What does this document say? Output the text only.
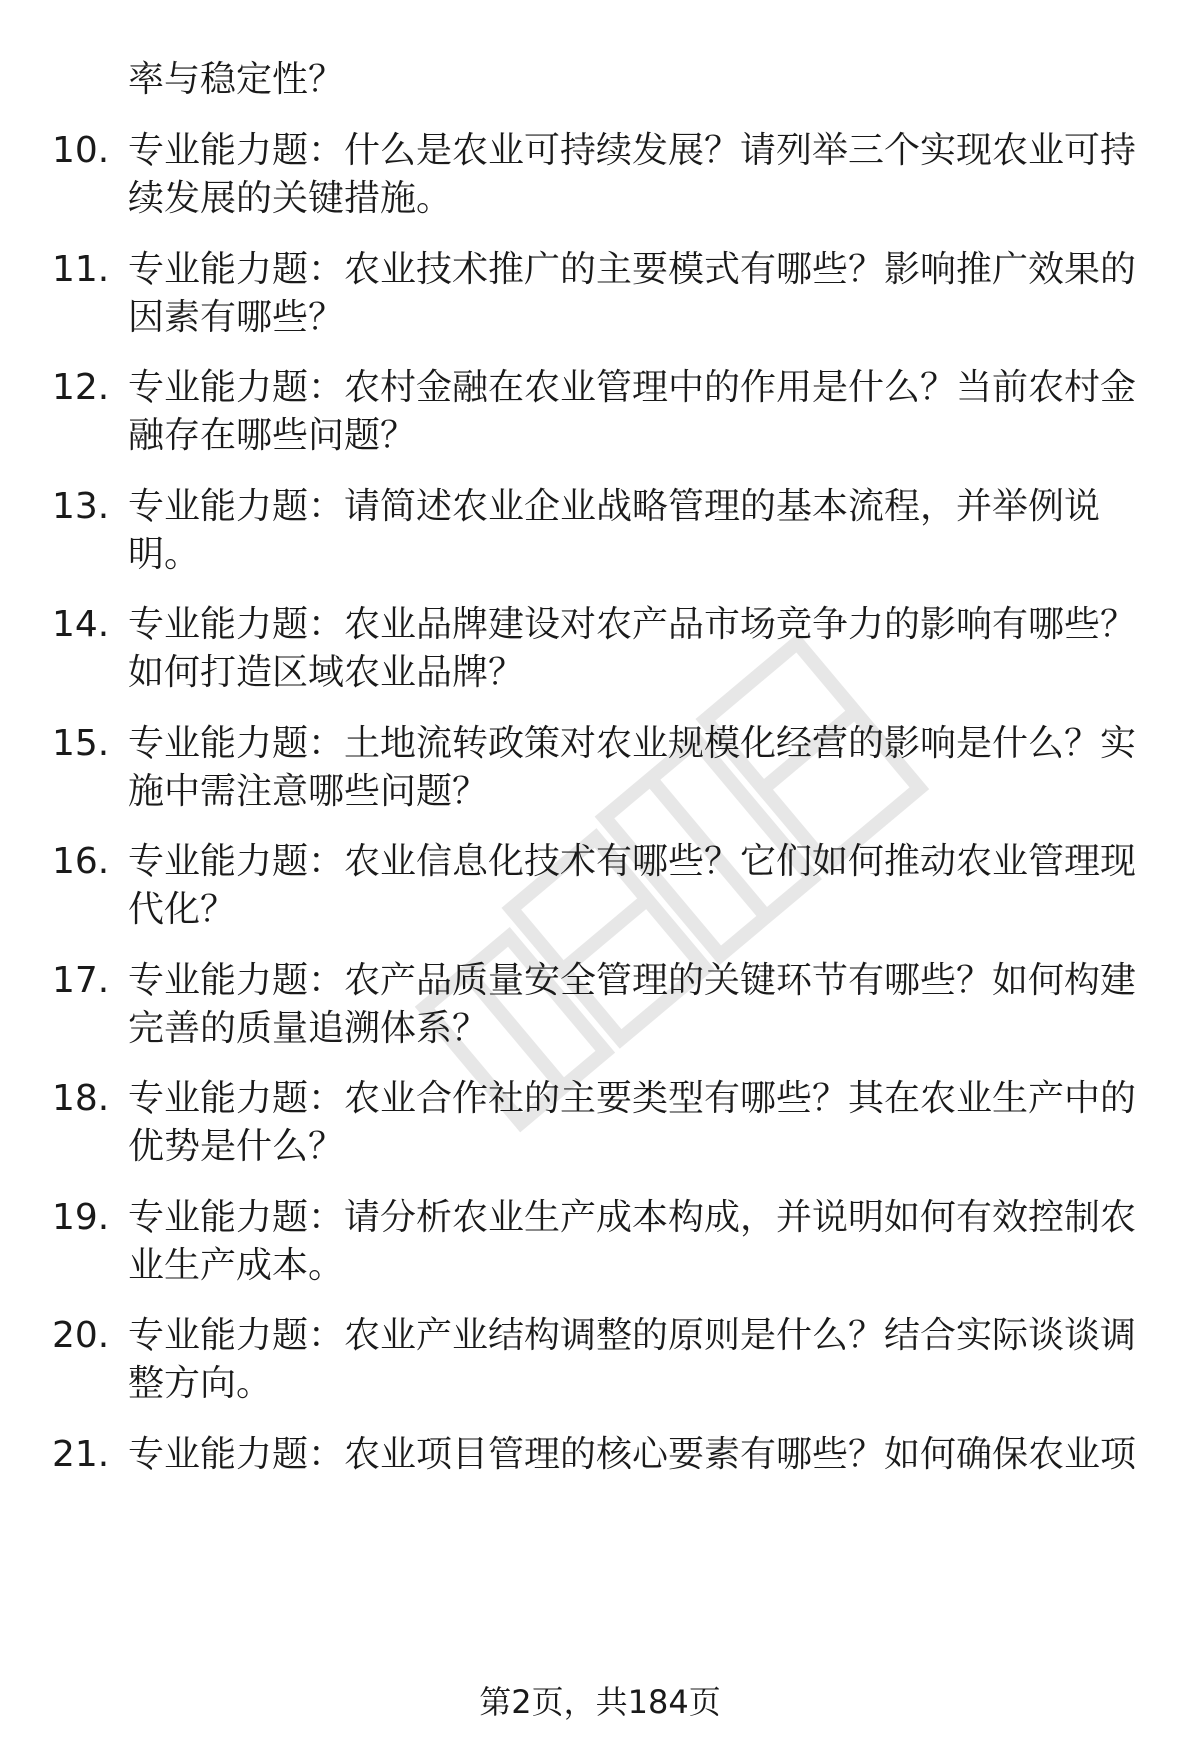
率与稳定性？
10. 专业能力题：什么是农业可持续发展？请列举三个实现农业可持
续发展的关键措施。
11. 专业能力题：农业技术推广的主要模式有哪些？影响推广效果的
因素有哪些？
12. 专业能力题：农村金融在农业管理中的作用是什么？当前农村金
融存在哪些问题？
13. 专业能力题：请简述农业企业战略管理的基本流程，并举例说
明。
14. 专业能力题：农业品牌建设对农产品市场竞争力的影响有哪些？
如何打造区域农业品牌？
15. 专业能力题：土地流转政策对农业规模化经营的影响是什么？实
施中需注意哪些问题？
16. 专业能力题：农业信息化技术有哪些？它们如何推动农业管理现
代化？
17. 专业能力题：农产品质量安全管理的关键环节有哪些？如何构建
完善的质量追溯体系？
18. 专业能力题：农业合作社的主要类型有哪些？其在农业生产中的
优势是什么？
19. 专业能力题：请分析农业生产成本构成，并说明如何有效控制农
业生产成本。
20. 专业能力题：农业产业结构调整的原则是什么？结合实际谈谈调
整方向。
21. 专业能力题：农业项目管理的核心要素有哪些？如何确保农业项
第2页，共184页
